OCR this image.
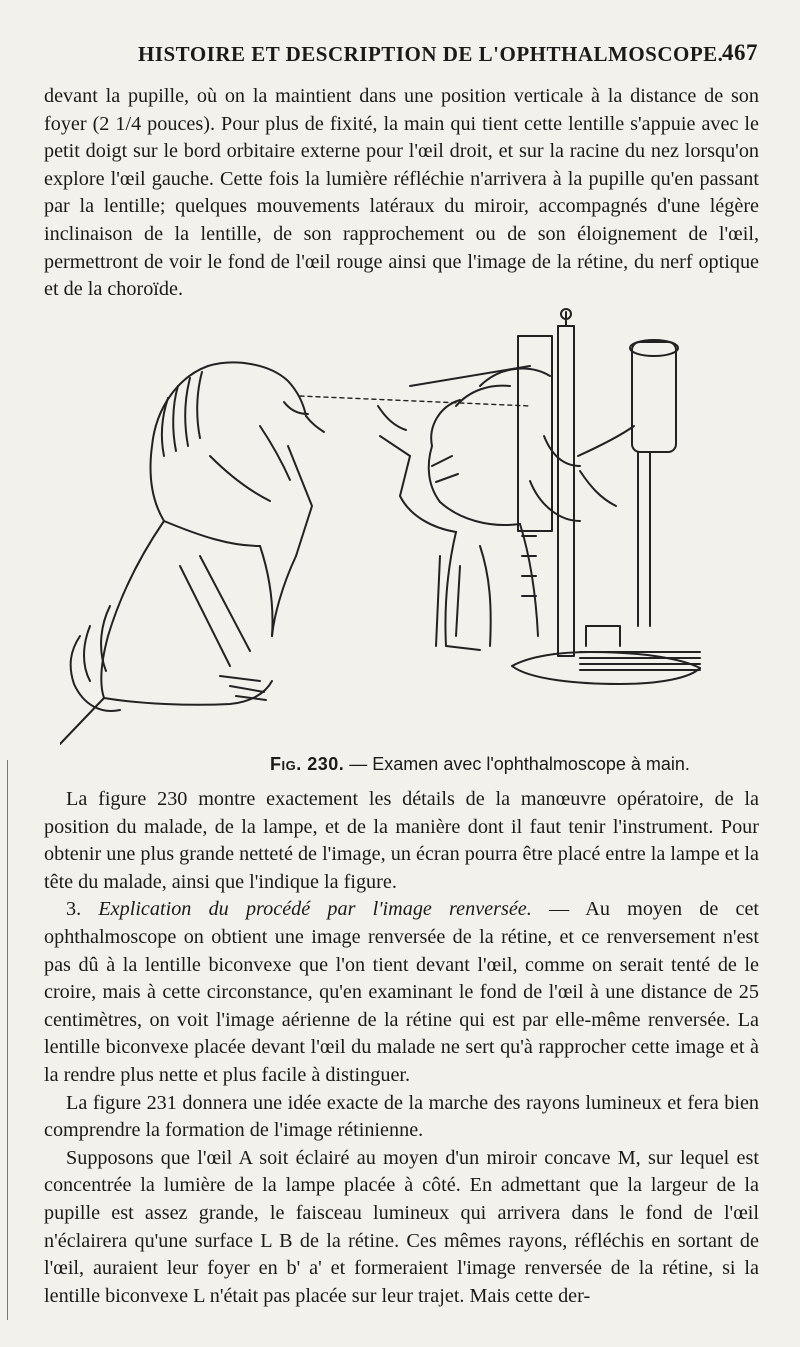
HISTOIRE ET DESCRIPTION DE L'OPHTHALMOSCOPE.
467

devant la pupille, où on la maintient dans une position verticale à la distance de son foyer (2 1/4 pouces). Pour plus de fixité, la main qui tient cette lentille s'appuie avec le petit doigt sur le bord orbitaire externe pour l'œil droit, et sur la racine du nez lorsqu'on explore l'œil gauche. Cette fois la lumière réfléchie n'arrivera à la pupille qu'en passant par la lentille; quelques mouvements latéraux du miroir, accompagnés d'une légère inclinaison de la lentille, de son rapprochement ou de son éloignement de l'œil, permettront de voir le fond de l'œil rouge ainsi que l'image de la rétine, du nerf optique et de la choroïde.

Fig. 230. — Examen avec l'ophthalmoscope à main.

La figure 230 montre exactement les détails de la manœuvre opératoire, de la position du malade, de la lampe, et de la manière dont il faut tenir l'instrument. Pour obtenir une plus grande netteté de l'image, un écran pourra être placé entre la lampe et la tête du malade, ainsi que l'indique la figure.

3. Explication du procédé par l'image renversée. — Au moyen de cet ophthalmoscope on obtient une image renversée de la rétine, et ce renversement n'est pas dû à la lentille biconvexe que l'on tient devant l'œil, comme on serait tenté de le croire, mais à cette circonstance, qu'en examinant le fond de l'œil à une distance de 25 centimètres, on voit l'image aérienne de la rétine qui est par elle-même renversée. La lentille biconvexe placée devant l'œil du malade ne sert qu'à rapprocher cette image et à la rendre plus nette et plus facile à distinguer.

La figure 231 donnera une idée exacte de la marche des rayons lumineux et fera bien comprendre la formation de l'image rétinienne.

Supposons que l'œil A soit éclairé au moyen d'un miroir concave M, sur lequel est concentrée la lumière de la lampe placée à côté. En admettant que la largeur de la pupille est assez grande, le faisceau lumineux qui arrivera dans le fond de l'œil n'éclairera qu'une surface L B de la rétine. Ces mêmes rayons, réfléchis en sortant de l'œil, auraient leur foyer en b' a' et formeraient l'image renversée de la rétine, si la lentille biconvexe L n'était pas placée sur leur trajet. Mais cette der-
